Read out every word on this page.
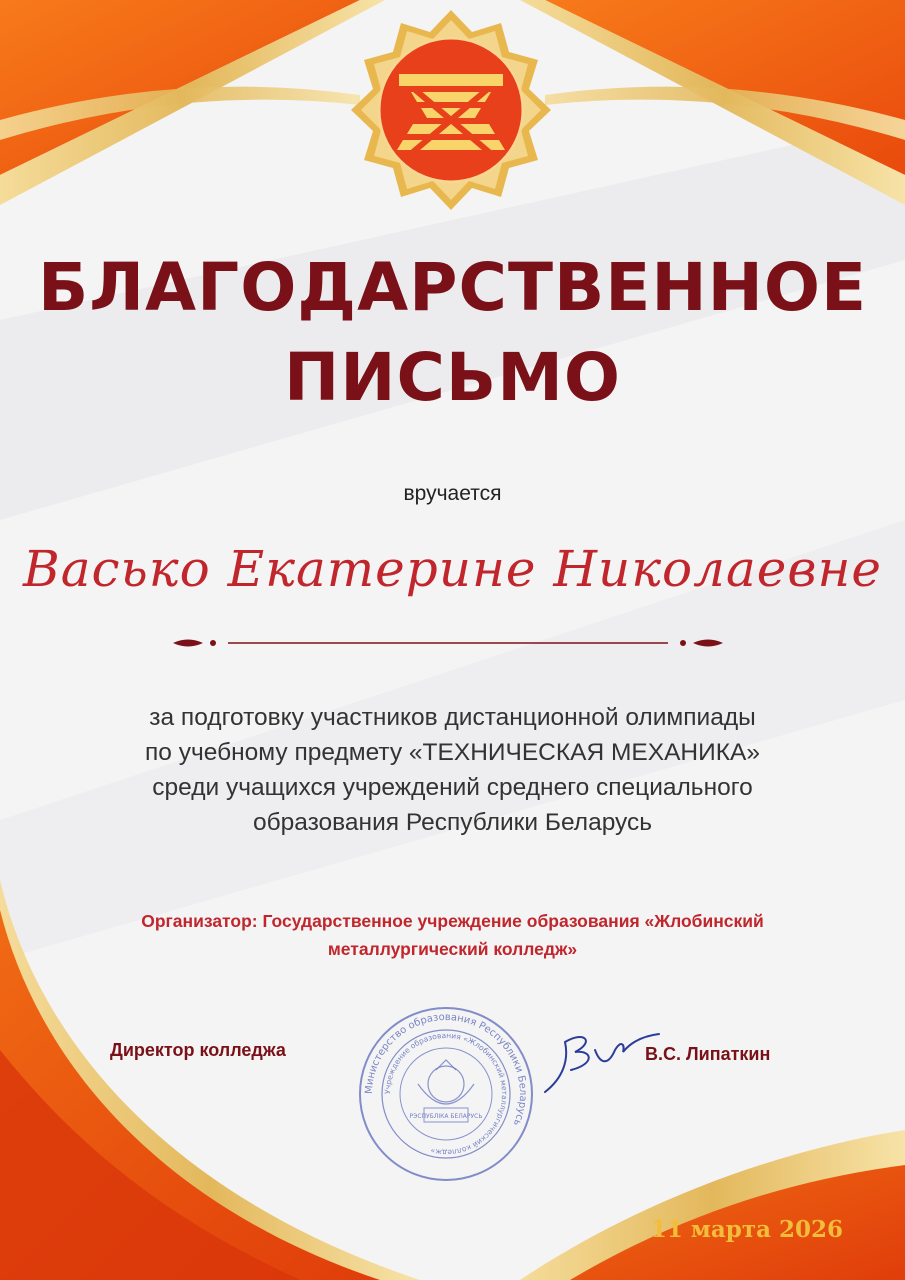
БЛАГОДАРСТВЕННОЕ
ПИСЬМО
вручается
Васько Екатерине Николаевне
за подготовку участников дистанционной олимпиады
по учебному предмету «ТЕХНИЧЕСКАЯ МЕХАНИКА»
среди учащихся учреждений среднего специального
образования Республики Беларусь
Организатор: Государственное учреждение образования «Жлобинский
металлургический колледж»
Директор колледжа
Министерство образования Республики Беларусь
Учреждение образования «Жлобинский металлургический колледж»
РЭСПУБЛІКА БЕЛАРУСЬ
В.С. Липаткин
11 марта 2026
